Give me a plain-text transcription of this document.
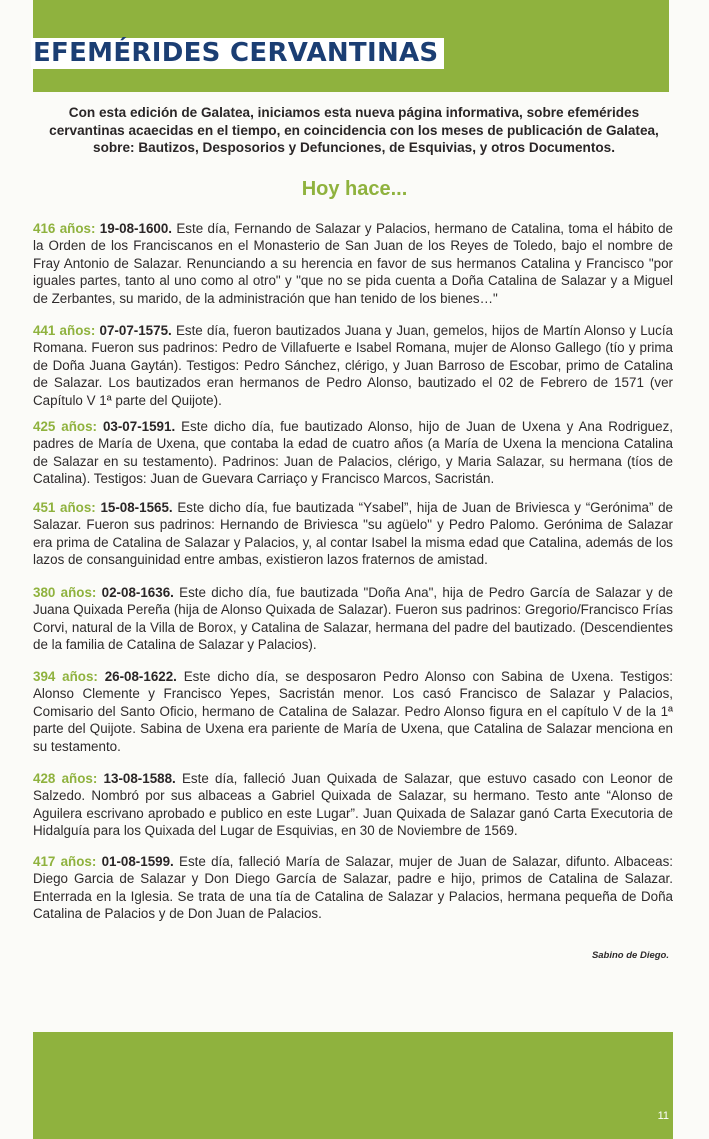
EFEMÉRIDES CERVANTINAS
Con esta edición de Galatea, iniciamos esta nueva página informativa, sobre efemérides cervantinas acaecidas en el tiempo, en coincidencia con los meses de publicación de Galatea, sobre: Bautizos, Desposorios y Defunciones, de Esquivias, y otros Documentos.
Hoy hace...
416 años: 19-08-1600. Este día, Fernando de Salazar y Palacios, hermano de Catalina, toma el hábito de la Orden de los Franciscanos en el Monasterio de San Juan de los Reyes de Toledo, bajo el nombre de Fray Antonio de Salazar. Renunciando a su herencia en favor de sus hermanos Catalina y Francisco "por iguales partes, tanto al uno como al otro" y "que no se pida cuenta a Doña Catalina de Salazar y a Miguel de Zerbantes, su marido, de la administración que han tenido de los bienes…"
441 años: 07-07-1575. Este día, fueron bautizados Juana y Juan, gemelos, hijos de Martín Alonso y Lucía Romana. Fueron sus padrinos: Pedro de Villafuerte e Isabel Romana, mujer de Alonso Gallego (tío y prima de Doña Juana Gaytán). Testigos: Pedro Sánchez, clérigo, y Juan Barroso de Escobar, primo de Catalina de Salazar. Los bautizados eran hermanos de Pedro Alonso, bautizado el 02 de Febrero de 1571 (ver Capítulo V 1ª parte del Quijote).
425 años: 03-07-1591. Este dicho día, fue bautizado Alonso, hijo de Juan de Uxena y Ana Rodriguez, padres de María de Uxena, que contaba la edad de cuatro años (a María de Uxena la menciona Catalina de Salazar en su testamento). Padrinos: Juan de Palacios, clérigo, y Maria Salazar, su hermana (tíos de Catalina). Testigos: Juan de Guevara Carriaço y Francisco Marcos, Sacristán.
451 años: 15-08-1565. Este dicho día, fue bautizada “Ysabel”, hija de Juan de Briviesca y “Gerónima” de Salazar. Fueron sus padrinos: Hernando de Briviesca "su agüelo" y Pedro Palomo. Gerónima de Salazar era prima de Catalina de Salazar y Palacios, y, al contar Isabel la misma edad que Catalina, además de los lazos de consanguinidad entre ambas, existieron lazos fraternos de amistad.
380 años: 02-08-1636. Este dicho día, fue bautizada "Doña Ana", hija de Pedro García de Salazar y de Juana Quixada Pereña (hija de Alonso Quixada de Salazar). Fueron sus padrinos: Gregorio/Francisco Frías Corvi, natural de la Villa de Borox, y Catalina de Salazar, hermana del padre del bautizado. (Descendientes de la familia de Catalina de Salazar y Palacios).
394 años: 26-08-1622. Este dicho día, se desposaron Pedro Alonso con Sabina de Uxena. Testigos: Alonso Clemente y Francisco Yepes, Sacristán menor. Los casó Francisco de Salazar y Palacios, Comisario del Santo Oficio, hermano de Catalina de Salazar. Pedro Alonso figura en el capítulo V de la 1ª parte del Quijote. Sabina de Uxena era pariente de María de Uxena, que Catalina de Salazar menciona en su testamento.
428 años: 13-08-1588. Este día, falleció Juan Quixada de Salazar, que estuvo casado con Leonor de Salzedo. Nombró por sus albaceas a Gabriel Quixada de Salazar, su hermano. Testo ante “Alonso de Aguilera escrivano aprobado e publico en este Lugar”. Juan Quixada de Salazar ganó Carta Executoria de Hidalguía para los Quixada del Lugar de Esquivias, en 30 de Noviembre de 1569.
417 años: 01-08-1599. Este día, falleció María de Salazar, mujer de Juan de Salazar, difunto. Albaceas: Diego Garcia de Salazar y Don Diego García de Salazar, padre e hijo, primos de Catalina de Salazar. Enterrada en la Iglesia. Se trata de una tía de Catalina de Salazar y Palacios, hermana pequeña de Doña Catalina de Palacios y de Don Juan de Palacios.
Sabino de Diego.
11
